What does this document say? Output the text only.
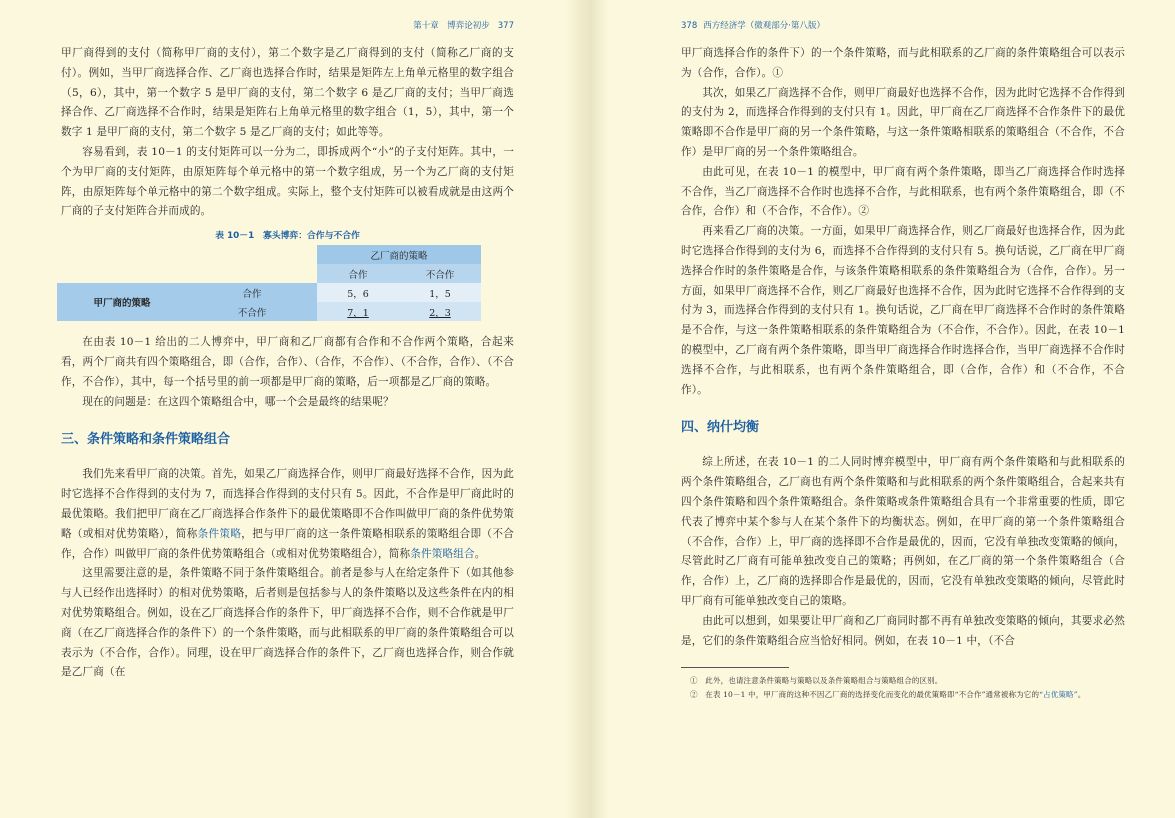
第十章　博弈论初步 377

甲厂商得到的支付（简称甲厂商的支付），第二个数字是乙厂商得到的支付（简称乙厂商的支付）。例如，当甲厂商选择合作、乙厂商也选择合作时，结果是矩阵左上角单元格里的数字组合（5，6），其中，第一个数字 5 是甲厂商的支付，第二个数字 6 是乙厂商的支付；当甲厂商选择合作、乙厂商选择不合作时，结果是矩阵右上角单元格里的数字组合（1，5），其中，第一个数字 1 是甲厂商的支付，第二个数字 5 是乙厂商的支付；如此等等。

容易看到，表 10－1 的支付矩阵可以一分为二，即拆成两个“小”的子支付矩阵。其中，一个为甲厂商的支付矩阵，由原矩阵每个单元格中的第一个数字组成，另一个为乙厂商的支付矩阵，由原矩阵每个单元格中的第二个数字组成。实际上，整个支付矩阵可以被看成就是由这两个厂商的子支付矩阵合并而成的。

表 10－1　寡头博弈：合作与不合作
		乙厂商的策略	
		合作	不合作
甲厂商的策略	合作	5，6	1，5
	不合作	7，1	2，3

在由表 10－1 给出的二人博弈中，甲厂商和乙厂商都有合作和不合作两个策略，合起来看，两个厂商共有四个策略组合，即（合作，合作）、（合作，不合作）、（不合作，合作）、（不合作，不合作），其中，每一个括号里的前一项都是甲厂商的策略，后一项都是乙厂商的策略。

现在的问题是：在这四个策略组合中，哪一个会是最终的结果呢？

三、条件策略和条件策略组合

我们先来看甲厂商的决策。首先，如果乙厂商选择合作，则甲厂商最好选择不合作，因为此时它选择不合作得到的支付为 7，而选择合作得到的支付只有 5。因此，不合作是甲厂商此时的最优策略。我们把甲厂商在乙厂商选择合作条件下的最优策略即不合作叫做甲厂商的条件优势策略（或相对优势策略），简称条件策略，把与甲厂商的这一条件策略相联系的策略组合即（不合作，合作）叫做甲厂商的条件优势策略组合（或相对优势策略组合），简称条件策略组合。

这里需要注意的是，条件策略不同于条件策略组合。前者是参与人在给定条件下（如其他参与人已经作出选择时）的相对优势策略，后者则是包括参与人的条件策略以及这些条件在内的相对优势策略组合。例如，设在乙厂商选择合作的条件下，甲厂商选择不合作，则不合作就是甲厂商（在乙厂商选择合作的条件下）的一个条件策略，而与此相联系的甲厂商的条件策略组合可以表示为（不合作，合作）。同理，设在甲厂商选择合作的条件下，乙厂商也选择合作，则合作就是乙厂商（在

378 西方经济学（微观部分·第八版）

甲厂商选择合作的条件下）的一个条件策略，而与此相联系的乙厂商的条件策略组合可以表示为（合作，合作）。①

其次，如果乙厂商选择不合作，则甲厂商最好也选择不合作，因为此时它选择不合作得到的支付为 2，而选择合作得到的支付只有 1。因此，甲厂商在乙厂商选择不合作条件下的最优策略即不合作是甲厂商的另一个条件策略，与这一条件策略相联系的策略组合（不合作，不合作）是甲厂商的另一个条件策略组合。

由此可见，在表 10－1 的模型中，甲厂商有两个条件策略，即当乙厂商选择合作时选择不合作，当乙厂商选择不合作时也选择不合作，与此相联系，也有两个条件策略组合，即（不合作，合作）和（不合作，不合作）。②

再来看乙厂商的决策。一方面，如果甲厂商选择合作，则乙厂商最好也选择合作，因为此时它选择合作得到的支付为 6，而选择不合作得到的支付只有 5。换句话说，乙厂商在甲厂商选择合作时的条件策略是合作，与该条件策略相联系的条件策略组合为（合作，合作）。另一方面，如果甲厂商选择不合作，则乙厂商最好也选择不合作，因为此时它选择不合作得到的支付为 3，而选择合作得到的支付只有 1。换句话说，乙厂商在甲厂商选择不合作时的条件策略是不合作，与这一条件策略相联系的条件策略组合为（不合作，不合作）。因此，在表 10－1 的模型中，乙厂商有两个条件策略，即当甲厂商选择合作时选择合作，当甲厂商选择不合作时选择不合作，与此相联系，也有两个条件策略组合，即（合作，合作）和（不合作，不合作）。

四、纳什均衡

综上所述，在表 10－1 的二人同时博弈模型中，甲厂商有两个条件策略和与此相联系的两个条件策略组合，乙厂商也有两个条件策略和与此相联系的两个条件策略组合，合起来共有四个条件策略和四个条件策略组合。条件策略或条件策略组合具有一个非常重要的性质，即它代表了博弈中某个参与人在某个条件下的均衡状态。例如，在甲厂商的第一个条件策略组合（不合作，合作）上，甲厂商的选择即不合作是最优的，因而，它没有单独改变策略的倾向，尽管此时乙厂商有可能单独改变自己的策略；再例如，在乙厂商的第一个条件策略组合（合作，合作）上，乙厂商的选择即合作是最优的，因而，它没有单独改变策略的倾向，尽管此时甲厂商有可能单独改变自己的策略。

由此可以想到，如果要让甲厂商和乙厂商同时都不再有单独改变策略的倾向，其要求必然是，它们的条件策略组合应当恰好相同。例如，在表 10－1 中，（不合

①　此外，也请注意条件策略与策略以及条件策略组合与策略组合的区别。

②　在表 10－1 中，甲厂商的这种不因乙厂商的选择变化而变化的最优策略即“不合作”通常被称为它的“占优策略”。
